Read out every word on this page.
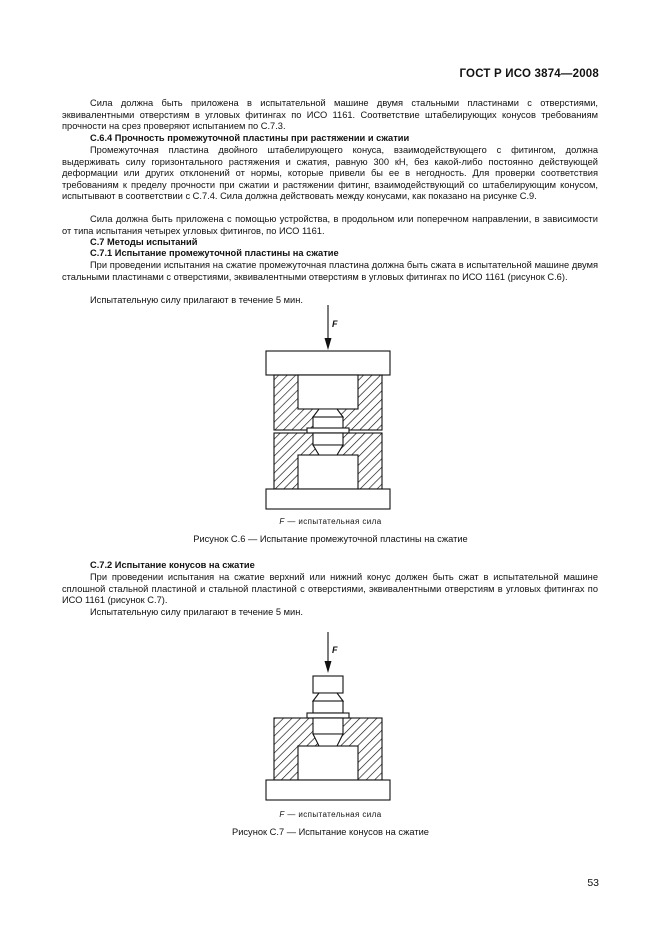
ГОСТ Р ИСО 3874—2008

Сила должна быть приложена в испытательной машине двумя стальными пластинами с отверстиями, эквивалентными отверстиям в угловых фитингах по ИСО 1161. Соответствие штабелирующих конусов требованиям прочности на срез проверяют испытанием по С.7.3.

С.6.4 Прочность промежуточной пластины при растяжении и сжатии

Промежуточная пластина двойного штабелирующего конуса, взаимодействующего с фитингом, должна выдерживать силу горизонтального растяжения и сжатия, равную 300 кН, без какой-либо постоянно действующей деформации или других отклонений от нормы, которые привели бы ее в негодность. Для проверки соответствия требованиям к пределу прочности при сжатии и растяжении фитинг, взаимодействующий со штабелирующим конусом, испытывают в соответствии с С.7.4. Сила должна действовать между конусами, как показано на рисунке С.9.

Сила должна быть приложена с помощью устройства, в продольном или поперечном направлении, в зависимости от типа испытания четырех угловых фитингов, по ИСО 1161.

С.7 Методы испытаний

С.7.1 Испытание промежуточной пластины на сжатие

При проведении испытания на сжатие промежуточная пластина должна быть сжата в испытательной машине двумя стальными пластинами с отверстиями, эквивалентными отверстиям в угловых фитингах по ИСО 1161 (рисунок С.6).

Испытательную силу прилагают в течение 5 мин.

F
F — испытательная сила
Рисунок С.6 — Испытание промежуточной пластины на сжатие

С.7.2 Испытание конусов на сжатие

При проведении испытания на сжатие верхний или нижний конус должен быть сжат в испытательной машине сплошной стальной пластиной и стальной пластиной с отверстиями, эквивалентными отверстиям в угловых фитингах по ИСО 1161 (рисунок С.7).

Испытательную силу прилагают в течение 5 мин.

F
F — испытательная сила
Рисунок С.7 — Испытание конусов на сжатие
53
